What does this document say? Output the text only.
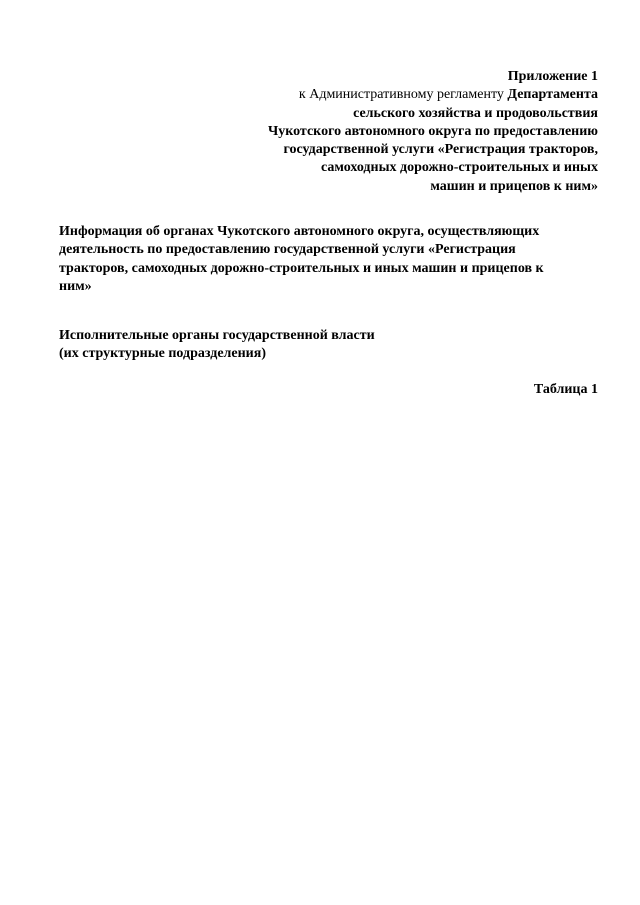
Приложение 1
к Административному регламенту Департамента
сельского хозяйства и продовольствия
Чукотского автономного округа по предоставлению
государственной услуги «Регистрация тракторов,
самоходных дорожно-строительных и иных
машин и прицепов к ним»
Информация об органах Чукотского автономного округа, осуществляющих
деятельность по предоставлению государственной услуги «Регистрация
тракторов, самоходных дорожно-строительных и иных машин и прицепов к
ним»
Исполнительные органы государственной власти
(их структурные подразделения)
Таблица 1
